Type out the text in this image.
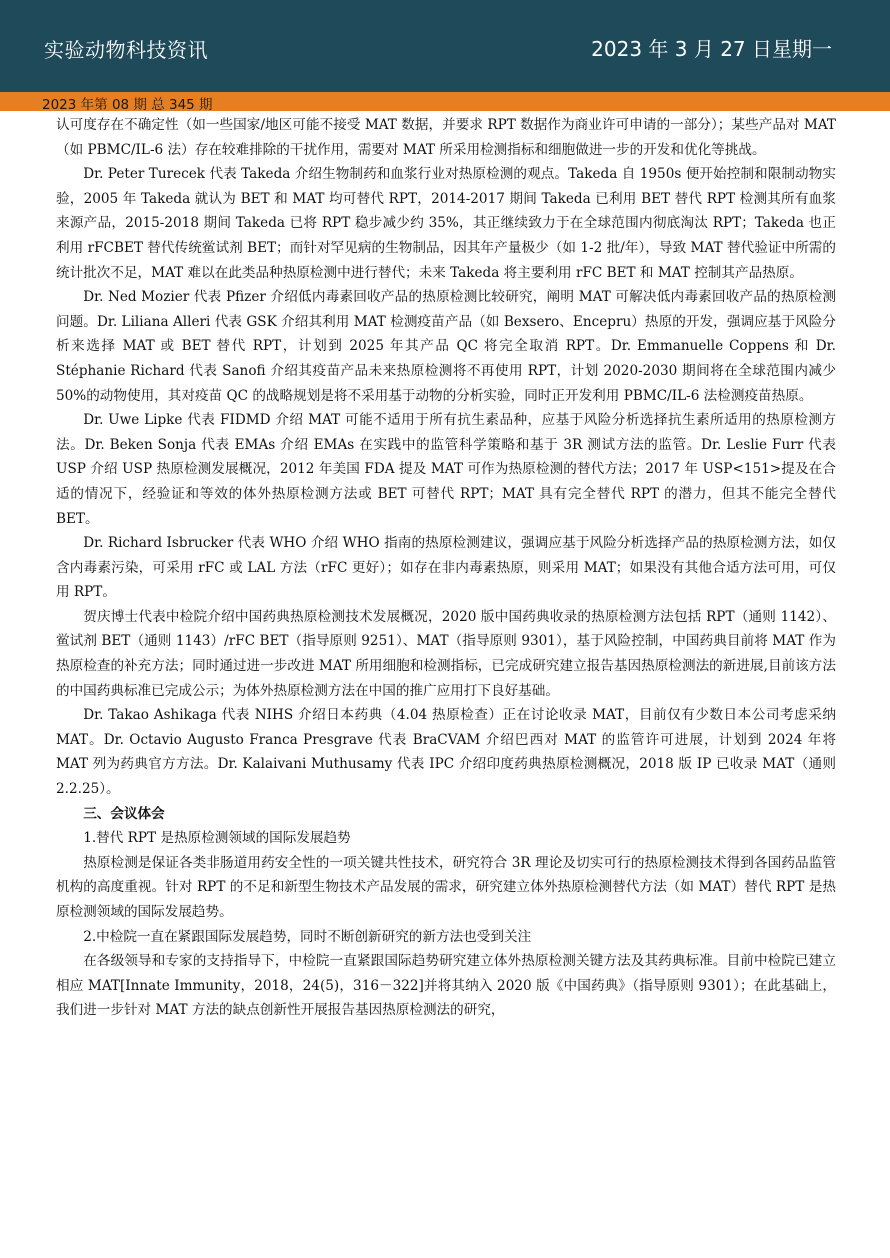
实验动物科技资讯	2023 年 3 月 27 日星期一
2023 年第 08 期 总 345 期

认可度存在不确定性（如一些国家/地区可能不接受 MAT 数据，并要求 RPT 数据作为商业许可申请的一部分）；某些产品对 MAT（如 PBMC/IL-6 法）存在较难排除的干扰作用，需要对 MAT 所采用检测指标和细胞做进一步的开发和优化等挑战。

Dr. Peter Turecek 代表 Takeda 介绍生物制药和血浆行业对热原检测的观点。Takeda 自 1950s 便开始控制和限制动物实验，2005 年 Takeda 就认为 BET 和 MAT 均可替代 RPT，2014-2017 期间 Takeda 已利用 BET 替代 RPT 检测其所有血浆来源产品，2015-2018 期间 Takeda 已将 RPT 稳步减少约 35%，其正继续致力于在全球范围内彻底淘汰 RPT；Takeda 也正利用 rFCBET 替代传统鲎试剂 BET；而针对罕见病的生物制品，因其年产量极少（如 1-2 批/年），导致 MAT 替代验证中所需的统计批次不足，MAT 难以在此类品种热原检测中进行替代；未来 Takeda 将主要利用 rFC BET 和 MAT 控制其产品热原。

Dr. Ned Mozier 代表 Pfizer 介绍低内毒素回收产品的热原检测比较研究，阐明 MAT 可解决低内毒素回收产品的热原检测问题。Dr. Liliana Alleri 代表 GSK 介绍其利用 MAT 检测疫苗产品（如 Bexsero、Encepru）热原的开发，强调应基于风险分析来选择 MAT 或 BET 替代 RPT，计划到 2025 年其产品 QC 将完全取消 RPT。Dr. Emmanuelle Coppens 和 Dr. Stéphanie Richard 代表 Sanofi 介绍其疫苗产品未来热原检测将不再使用 RPT，计划 2020-2030 期间将在全球范围内减少 50%的动物使用，其对疫苗 QC 的战略规划是将不采用基于动物的分析实验，同时正开发利用 PBMC/IL-6 法检测疫苗热原。

Dr. Uwe Lipke 代表 FIDMD 介绍 MAT 可能不适用于所有抗生素品种，应基于风险分析选择抗生素所适用的热原检测方法。Dr. Beken Sonja 代表 EMAs 介绍 EMAs 在实践中的监管科学策略和基于 3R 测试方法的监管。Dr. Leslie Furr 代表 USP 介绍 USP 热原检测发展概况，2012 年美国 FDA 提及 MAT 可作为热原检测的替代方法；2017 年 USP<151>提及在合适的情况下，经验证和等效的体外热原检测方法或 BET 可替代 RPT；MAT 具有完全替代 RPT 的潜力，但其不能完全替代 BET。

Dr. Richard Isbrucker 代表 WHO 介绍 WHO 指南的热原检测建议，强调应基于风险分析选择产品的热原检测方法，如仅含内毒素污染，可采用 rFC 或 LAL 方法（rFC 更好）；如存在非内毒素热原，则采用 MAT；如果没有其他合适方法可用，可仅用 RPT。

贺庆博士代表中检院介绍中国药典热原检测技术发展概况，2020 版中国药典收录的热原检测方法包括 RPT（通则 1142）、鲎试剂 BET（通则 1143）/rFC BET（指导原则 9251）、MAT（指导原则 9301），基于风险控制，中国药典目前将 MAT 作为热原检查的补充方法；同时通过进一步改进 MAT 所用细胞和检测指标，已完成研究建立报告基因热原检测法的新进展,目前该方法的中国药典标准已完成公示；为体外热原检测方法在中国的推广应用打下良好基础。

Dr. Takao Ashikaga 代表 NIHS 介绍日本药典（4.04 热原检查）正在讨论收录 MAT，目前仅有少数日本公司考虑采纳 MAT。Dr. Octavio Augusto Franca Presgrave 代表 BraCVAM 介绍巴西对 MAT 的监管许可进展，计划到 2024 年将 MAT 列为药典官方方法。Dr. Kalaivani Muthusamy 代表 IPC 介绍印度药典热原检测概况，2018 版 IP 已收录 MAT（通则 2.2.25）。

三、会议体会

1.替代 RPT 是热原检测领域的国际发展趋势

热原检测是保证各类非肠道用药安全性的一项关键共性技术，研究符合 3R 理论及切实可行的热原检测技术得到各国药品监管机构的高度重视。针对 RPT 的不足和新型生物技术产品发展的需求，研究建立体外热原检测替代方法（如 MAT）替代 RPT 是热原检测领域的国际发展趋势。

2.中检院一直在紧跟国际发展趋势，同时不断创新研究的新方法也受到关注

在各级领导和专家的支持指导下，中检院一直紧跟国际趋势研究建立体外热原检测关键方法及其药典标准。目前中检院已建立相应 MAT[Innate Immunity，2018，24(5)，316－322]并将其纳入 2020 版《中国药典》（指导原则 9301）；在此基础上，我们进一步针对 MAT 方法的缺点创新性开展报告基因热原检测法的研究，
